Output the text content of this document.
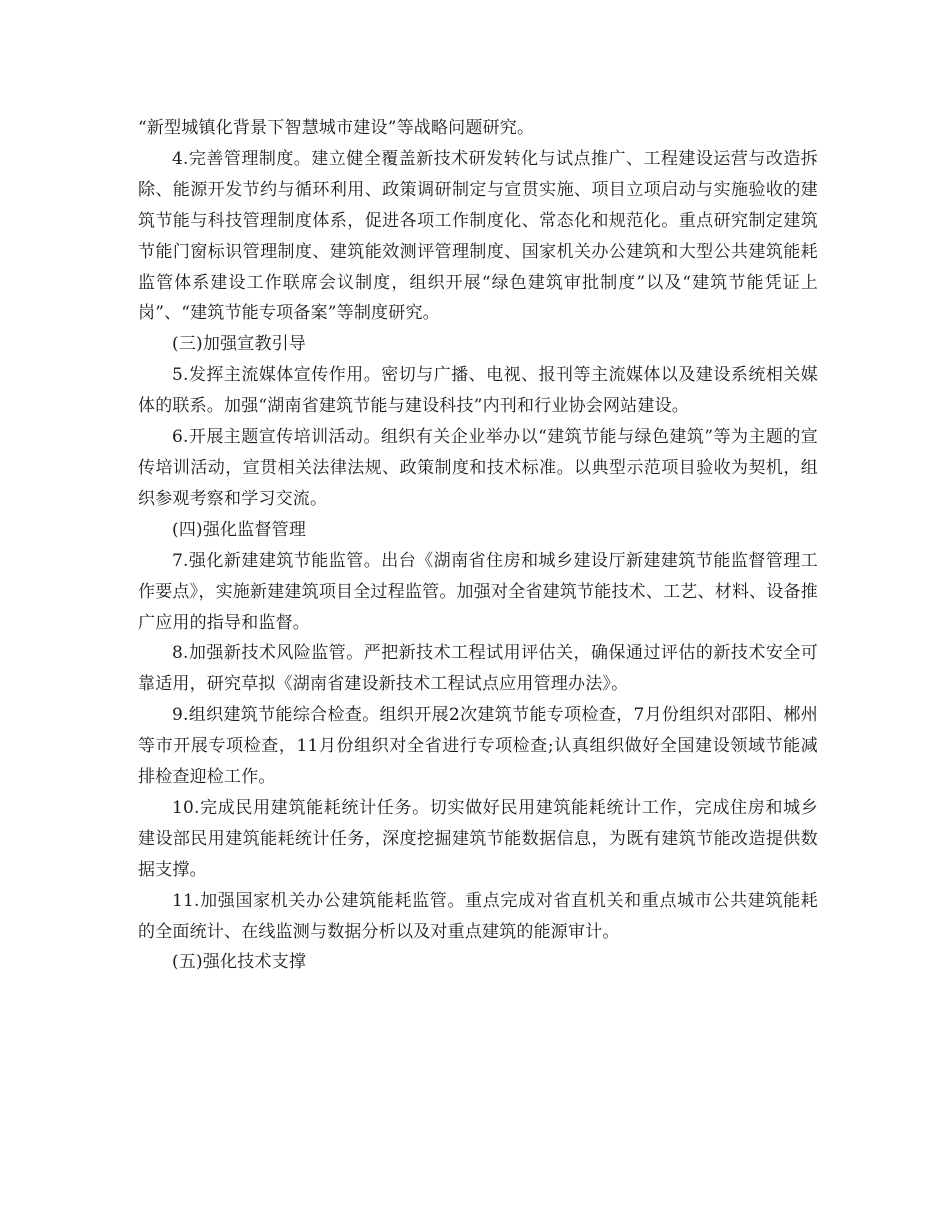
“新型城镇化背景下智慧城市建设”等战略问题研究。

4.完善管理制度。建立健全覆盖新技术研发转化与试点推广、工程建设运营与改造拆除、能源开发节约与循环利用、政策调研制定与宣贯实施、项目立项启动与实施验收的建筑节能与科技管理制度体系，促进各项工作制度化、常态化和规范化。重点研究制定建筑节能门窗标识管理制度、建筑能效测评管理制度、国家机关办公建筑和大型公共建筑能耗监管体系建设工作联席会议制度，组织开展“绿色建筑审批制度”以及“建筑节能凭证上岗”、“建筑节能专项备案”等制度研究。

(三)加强宣教引导

5.发挥主流媒体宣传作用。密切与广播、电视、报刊等主流媒体以及建设系统相关媒体的联系。加强“湖南省建筑节能与建设科技”内刊和行业协会网站建设。

6.开展主题宣传培训活动。组织有关企业举办以“建筑节能与绿色建筑”等为主题的宣传培训活动，宣贯相关法律法规、政策制度和技术标准。以典型示范项目验收为契机，组织参观考察和学习交流。

(四)强化监督管理

7.强化新建建筑节能监管。出台《湖南省住房和城乡建设厅新建建筑节能监督管理工作要点》，实施新建建筑项目全过程监管。加强对全省建筑节能技术、工艺、材料、设备推广应用的指导和监督。

8.加强新技术风险监管。严把新技术工程试用评估关，确保通过评估的新技术安全可靠适用，研究草拟《湖南省建设新技术工程试点应用管理办法》。

9.组织建筑节能综合检查。组织开展2次建筑节能专项检查，7月份组织对邵阳、郴州等市开展专项检查，11月份组织对全省进行专项检查;认真组织做好全国建设领域节能减排检查迎检工作。

10.完成民用建筑能耗统计任务。切实做好民用建筑能耗统计工作，完成住房和城乡建设部民用建筑能耗统计任务，深度挖掘建筑节能数据信息，为既有建筑节能改造提供数据支撑。

11.加强国家机关办公建筑能耗监管。重点完成对省直机关和重点城市公共建筑能耗的全面统计、在线监测与数据分析以及对重点建筑的能源审计。

(五)强化技术支撑
